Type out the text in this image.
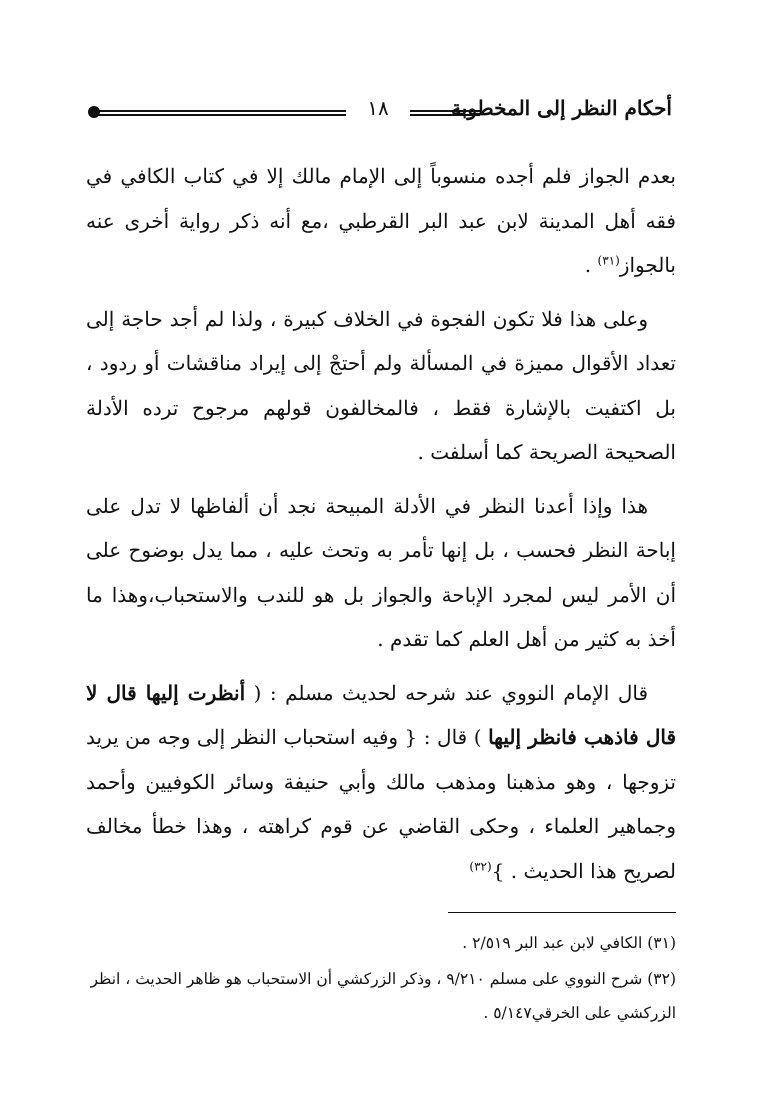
١٨	أحكام النظر إلى المخطوبة

بعدم الجواز فلم أجده منسوباً إلى الإمام مالك إلا في كتاب الكافي في فقه أهل المدينة لابن عبد البر القرطبي ،مع أنه ذكر رواية أخرى عنه بالجواز$^{(٣١)}$ .

وعلى هذا فلا تكون الفجوة في الخلاف كبيرة ، ولذا لم أجد حاجة إلى تعداد الأقوال مميزة في المسألة ولم أحتجْ إلى إيراد مناقشات أو ردود ، بل اكتفيت بالإشارة فقط ، فالمخالفون قولهم مرجوح ترده الأدلة الصحيحة الصريحة كما أسلفت .

هذا وإذا أعدنا النظر في الأدلة المبيحة نجد أن ألفاظها لا تدل على إباحة النظر فحسب ، بل إنها تأمر به وتحث عليه ، مما يدل بوضوح على أن الأمر ليس لمجرد الإباحة والجواز بل هو للندب والاستحباب،وهذا ما أخذ به كثير من أهل العلم كما تقدم .

قال الإمام النووي عند شرحه لحديث مسلم : ( أنظرت إليها قال لا قال فاذهب فانظر إليها ) قال : { وفيه استحباب النظر إلى وجه من يريد تزوجها ، وهو مذهبنا ومذهب مالك وأبي حنيفة وسائر الكوفيين وأحمد وجماهير العلماء ، وحكى القاضي عن قوم كراهته ، وهذا خطأ مخالف لصريح هذا الحديث . }$^{(٣٢)}$

(٣١) الكافي لابن عبد البر ٢/٥١٩ .

(٣٢) شرح النووي على مسلم ٩/٢١٠ ، وذكر الزركشي أن الاستحباب هو ظاهر الحديث ، انظر الزركشي على الخرقي٥/١٤٧ .
